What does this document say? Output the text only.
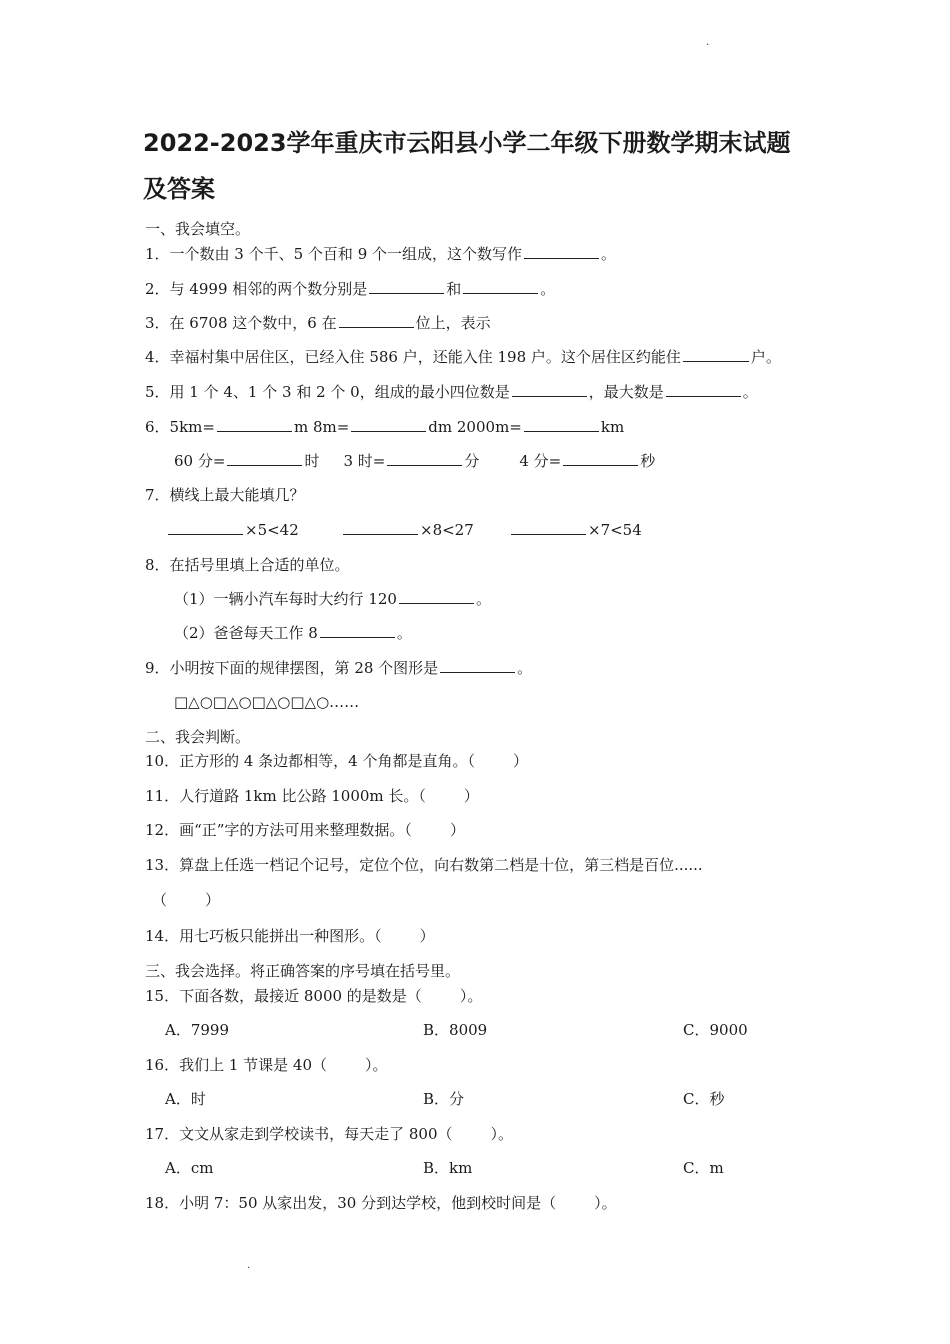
·
2022-2023学年重庆市云阳县小学二年级下册数学期末试题
及答案
一、我会填空。
1．一个数由 3 个千、5 个百和 9 个一组成，这个数写作	。
2．与 4999 相邻的两个数分别是	和	。
3．在 6708 这个数中，6 在	位上，表示
4．幸福村集中居住区，已经入住 586 户，还能入住 198 户。这个居住区约能住	户。
5．用 1 个 4、1 个 3 和 2 个 0，组成的最小四位数是	，最大数是	。
6．5km=	m 8m=	dm 2000m=	km
60 分=	时 3 时=	分	4 分=	秒
7．横线上最大能填几？
×5<42	×8<27	×7<54
8．在括号里填上合适的单位。
（1）一辆小汽车每时大约行 120	。
（2）爸爸每天工作 8	。
9．小明按下面的规律摆图，第 28 个图形是	。
□△○□△○□△○□△○……
二、我会判断。
10．正方形的 4 条边都相等，4 个角都是直角。（	）
11．人行道路 1km 比公路 1000m 长。（	）
12．画“正”字的方法可用来整理数据。（	）
13．算盘上任选一档记个记号，定位个位，向右数第二档是十位，第三档是百位......
（	）
14．用七巧板只能拼出一种图形。（	）
三、我会选择。将正确答案的序号填在括号里。
15．下面各数，最接近 8000 的是数是（	）。
A．7999	B．8009	C．9000
16．我们上 1 节课是 40（	）。
A．时	B．分	C．秒
17．文文从家走到学校读书，每天走了 800（	）。
A．cm	B．km	C．m
18．小明 7：50 从家出发，30 分到达学校，他到校时间是（	）。
·
